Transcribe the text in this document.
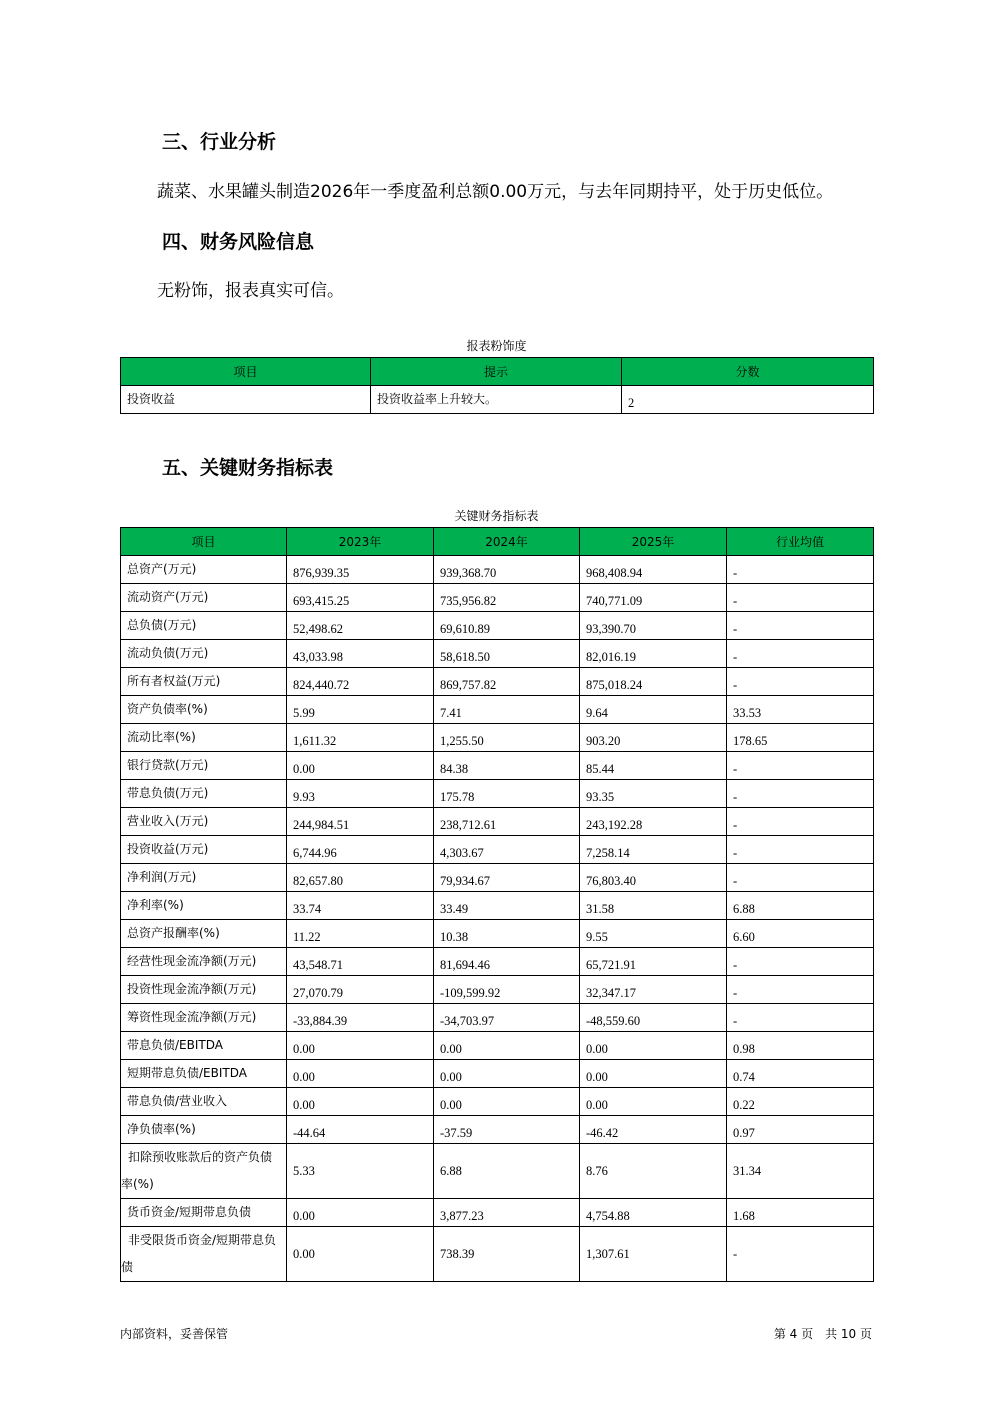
三、行业分析
蔬菜、水果罐头制造2026年一季度盈利总额0.00万元，与去年同期持平，处于历史低位。
四、财务风险信息
无粉饰，报表真实可信。
报表粉饰度
项目	提示	分数
投资收益	投资收益率上升较大。	2
五、关键财务指标表
关键财务指标表
项目	2023年	2024年	2025年	行业均值
总资产(万元)	876,939.35	939,368.70	968,408.94	-
流动资产(万元)	693,415.25	735,956.82	740,771.09	-
总负债(万元)	52,498.62	69,610.89	93,390.70	-
流动负债(万元)	43,033.98	58,618.50	82,016.19	-
所有者权益(万元)	824,440.72	869,757.82	875,018.24	-
资产负债率(%)	5.99	7.41	9.64	33.53
流动比率(%)	1,611.32	1,255.50	903.20	178.65
银行贷款(万元)	0.00	84.38	85.44	-
带息负债(万元)	9.93	175.78	93.35	-
营业收入(万元)	244,984.51	238,712.61	243,192.28	-
投资收益(万元)	6,744.96	4,303.67	7,258.14	-
净利润(万元)	82,657.80	79,934.67	76,803.40	-
净利率(%)	33.74	33.49	31.58	6.88
总资产报酬率(%)	11.22	10.38	9.55	6.60
经营性现金流净额(万元)	43,548.71	81,694.46	65,721.91	-
投资性现金流净额(万元)	27,070.79	-109,599.92	32,347.17	-
筹资性现金流净额(万元)	-33,884.39	-34,703.97	-48,559.60	-
带息负债/EBITDA	0.00	0.00	0.00	0.98
短期带息负债/EBITDA	0.00	0.00	0.00	0.74
带息负债/营业收入	0.00	0.00	0.00	0.22
净负债率(%)	-44.64	-37.59	-46.42	0.97
扣除预收账款后的资产负债率(%)	5.33	6.88	8.76	31.34
货币资金/短期带息负债	0.00	3,877.23	4,754.88	1.68
非受限货币资金/短期带息负债	0.00	738.39	1,307.61	-
内部资料，妥善保管	第 4 页　共 10 页
